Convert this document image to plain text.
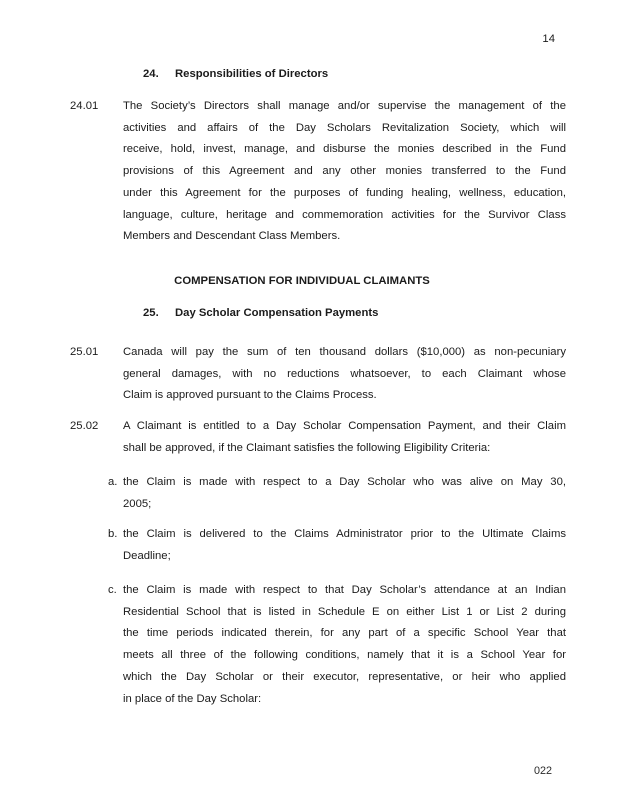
14
24.	Responsibilities of Directors
24.01	The Society’s Directors shall manage and/or supervise the management of the
activities and affairs of the Day Scholars Revitalization Society, which will
receive, hold, invest, manage, and disburse the monies described in the Fund
provisions of this Agreement and any other monies transferred to the Fund
under this Agreement for the purposes of funding healing, wellness, education,
language, culture, heritage and commemoration activities for the Survivor Class
Members and Descendant Class Members.
COMPENSATION FOR INDIVIDUAL CLAIMANTS
25.	Day Scholar Compensation Payments
25.01	Canada will pay the sum of ten thousand dollars ($10,000) as non-pecuniary
general damages, with no reductions whatsoever, to each Claimant whose
Claim is approved pursuant to the Claims Process.
25.02	A Claimant is entitled to a Day Scholar Compensation Payment, and their Claim
shall be approved, if the Claimant satisfies the following Eligibility Criteria:
a. the Claim is made with respect to a Day Scholar who was alive on May 30,
2005;
b. the Claim is delivered to the Claims Administrator prior to the Ultimate Claims
Deadline;
c. the Claim is made with respect to that Day Scholar’s attendance at an Indian
Residential School that is listed in Schedule E on either List 1 or List 2 during
the time periods indicated therein, for any part of a specific School Year that
meets all three of the following conditions, namely that it is a School Year for
which the Day Scholar or their executor, representative, or heir who applied
in place of the Day Scholar:
022
